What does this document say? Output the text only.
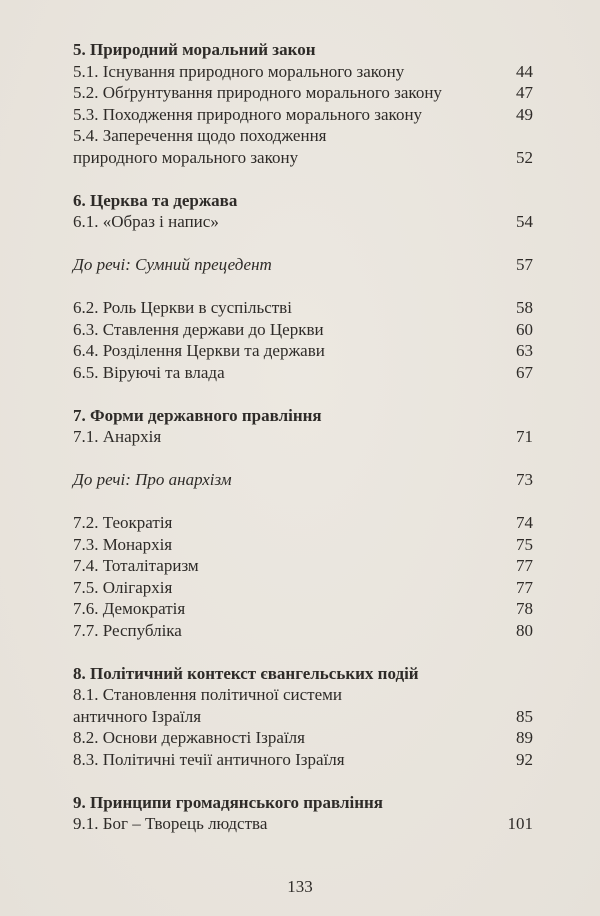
5. Природний моральний закон
5.1. Існування природного морального закону	44
5.2. Обґрунтування природного морального закону	47
5.3. Походження природного морального закону	49
5.4. Заперечення щодо походження
природного морального закону	52
6. Церква та держава
6.1. «Образ і напис»	54
До речі: Сумний прецедент	57
6.2. Роль Церкви в суспільстві	58
6.3. Ставлення держави до Церкви	60
6.4. Розділення Церкви та держави	63
6.5. Віруючі та влада	67
7. Форми державного правління
7.1. Анархія	71
До речі: Про анархізм	73
7.2. Теократія	74
7.3. Монархія	75
7.4. Тоталітаризм	77
7.5. Олігархія	77
7.6. Демократія	78
7.7. Республіка	80
8. Політичний контекст євангельських подій
8.1. Становлення політичної системи
античного Ізраїля	85
8.2. Основи державності Ізраїля	89
8.3. Політичні течії античного Ізраїля	92
9. Принципи громадянського правління
9.1. Бог – Творець людства	101
133
